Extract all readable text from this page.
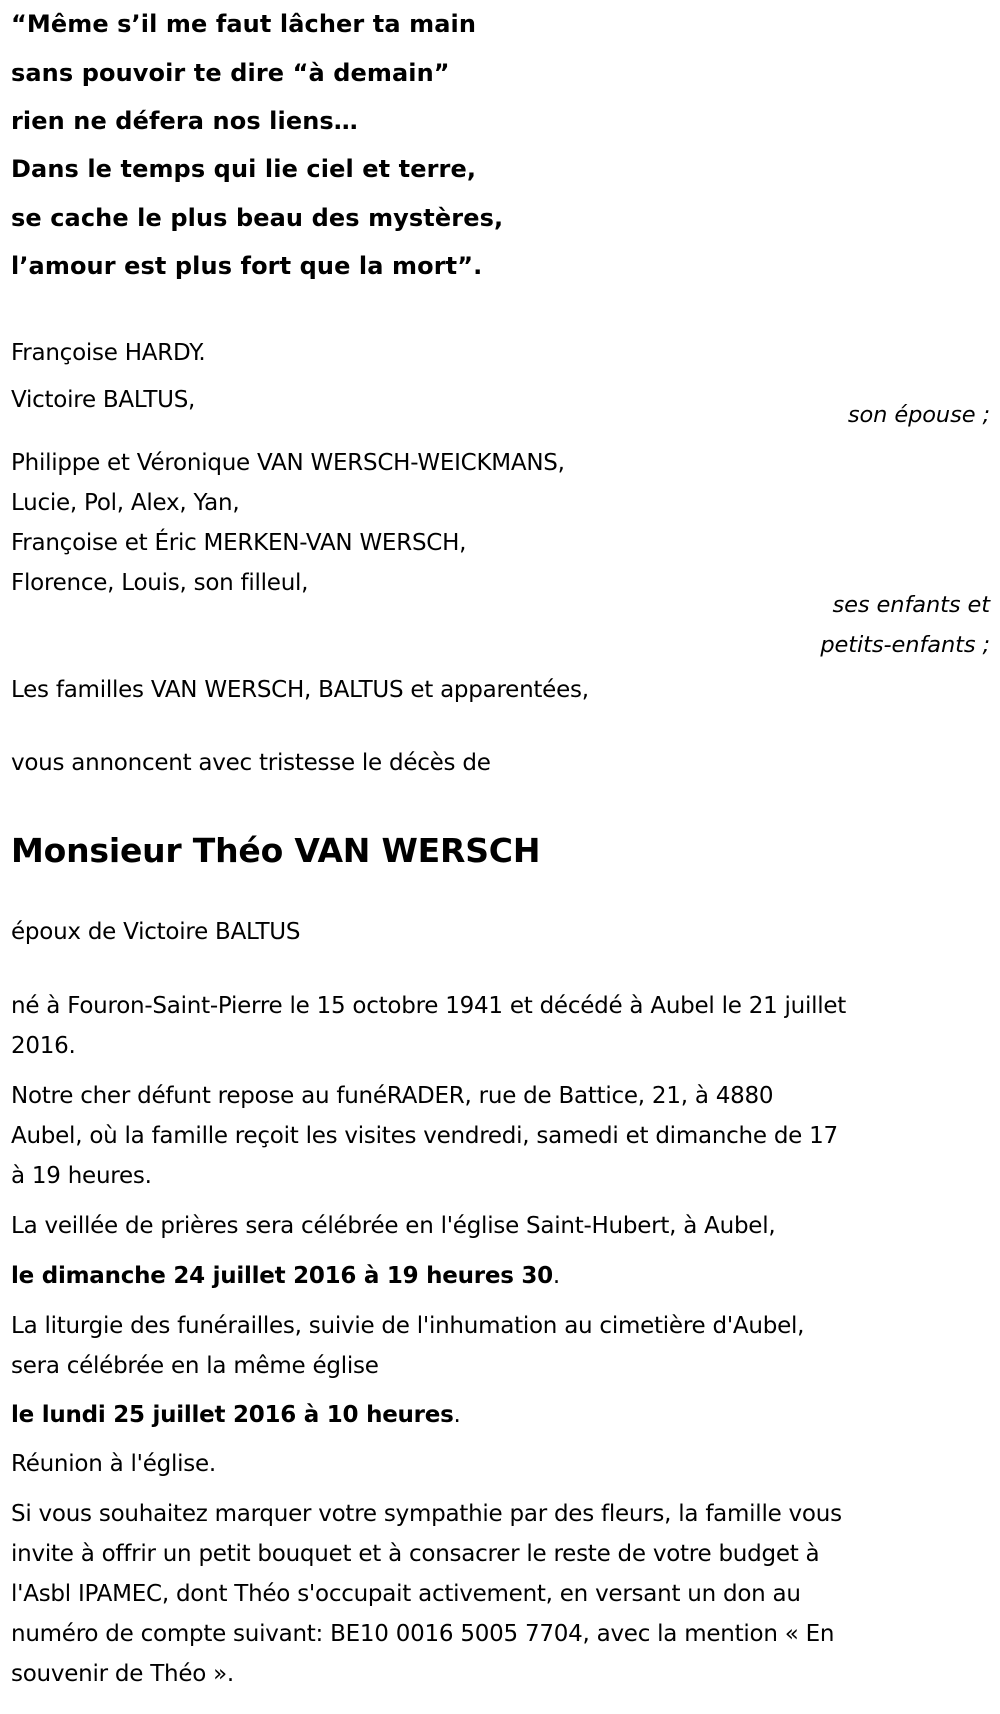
“Même s’il me faut lâcher ta main
sans pouvoir te dire “à demain”
rien ne défera nos liens…
Dans le temps qui lie ciel et terre,
se cache le plus beau des mystères,
l’amour est plus fort que la mort”.
Françoise HARDY.
Victoire BALTUS,
son épouse ;
Philippe et Véronique VAN WERSCH-WEICKMANS,
Lucie, Pol, Alex, Yan,
Françoise et Éric MERKEN-VAN WERSCH,
Florence, Louis, son filleul,
ses enfants et
petits-enfants ;
Les familles VAN WERSCH, BALTUS et apparentées,
vous annoncent avec tristesse le décès de
Monsieur Théo VAN WERSCH
époux de Victoire BALTUS
né à Fouron-Saint-Pierre le 15 octobre 1941 et décédé à Aubel le 21 juillet
2016.
Notre cher défunt repose au funéRADER, rue de Battice, 21, à 4880
Aubel, où la famille reçoit les visites vendredi, samedi et dimanche de 17
à 19 heures.
La veillée de prières sera célébrée en l'église Saint-Hubert, à Aubel,
le dimanche 24 juillet 2016 à 19 heures 30.
La liturgie des funérailles, suivie de l'inhumation au cimetière d'Aubel,
sera célébrée en la même église
le lundi 25 juillet 2016 à 10 heures.
Réunion à l'église.
Si vous souhaitez marquer votre sympathie par des fleurs, la famille vous
invite à offrir un petit bouquet et à consacrer le reste de votre budget à
l'Asbl IPAMEC, dont Théo s'occupait activement, en versant un don au
numéro de compte suivant: BE10 0016 5005 7704, avec la mention « En
souvenir de Théo ».
